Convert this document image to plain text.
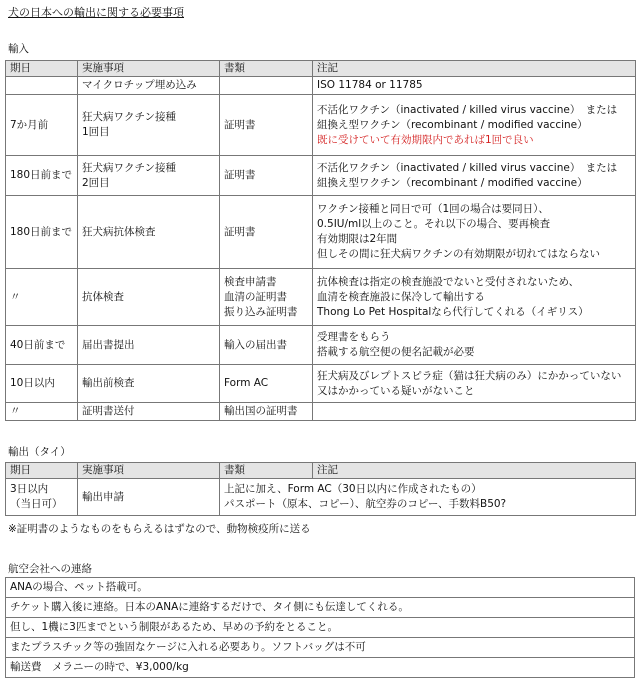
犬の日本への輸出に関する必要事項
輸入
期日	実施事項	書類	注記
	マイクロチップ埋め込み		ISO 11784 or 11785

7か月前	狂犬病ワクチン接種
1回目	証明書	不活化ワクチン（inactivated / killed virus vaccine）　または
組換え型ワクチン（recombinant / modified vaccine）
既に受けていて有効期限内であれば1回で良い

180日前まで	狂犬病ワクチン接種
2回目	証明書	不活化ワクチン（inactivated / killed virus vaccine）　または
組換え型ワクチン（recombinant / modified vaccine）

180日前まで	狂犬病抗体検査	証明書	ワクチン接種と同日で可（1回の場合は要同日）、
0.5IU/ml以上のこと。それ以下の場合、要再検査
有効期限は2年間
但しその間に狂犬病ワクチンの有効期限が切れてはならない

〃	抗体検査	検査申請書
血清の証明書
振り込み証明書	抗体検査は指定の検査施設でないと受付されないため、
血清を検査施設に保冷して輸出する
Thong Lo Pet Hospitalなら代行してくれる（イギリス）

40日前まで	届出書提出	輸入の届出書	受理書をもらう
搭載する航空便の便名記載が必要

10日以内	輸出前検査	Form AC	狂犬病及びレプトスピラ症（猫は狂犬病のみ）にかかっていない
又はかかっている疑いがないこと

〃	証明書送付	輸出国の証明書	
輸出（タイ）
期日	実施事項	書類	注記

3日以内
（当日可）	輸出申請	上記に加え、Form AC（30日以内に作成されたもの）
パスポート（原本、コピー）、航空券のコピー、手数料B50?	
※証明書のようなものをもらえるはずなので、動物検疫所に送る
航空会社への連絡
ANAの場合、ペット搭載可。
チケット購入後に連絡。日本のANAに連絡するだけで、タイ側にも伝達してくれる。
但し、1機に3匹までという制限があるため、早めの予約をとること。
またプラスチック等の強固なケージに入れる必要あり。ソフトバッグは不可
輸送費　メラニーの時で、¥3,000/kg
